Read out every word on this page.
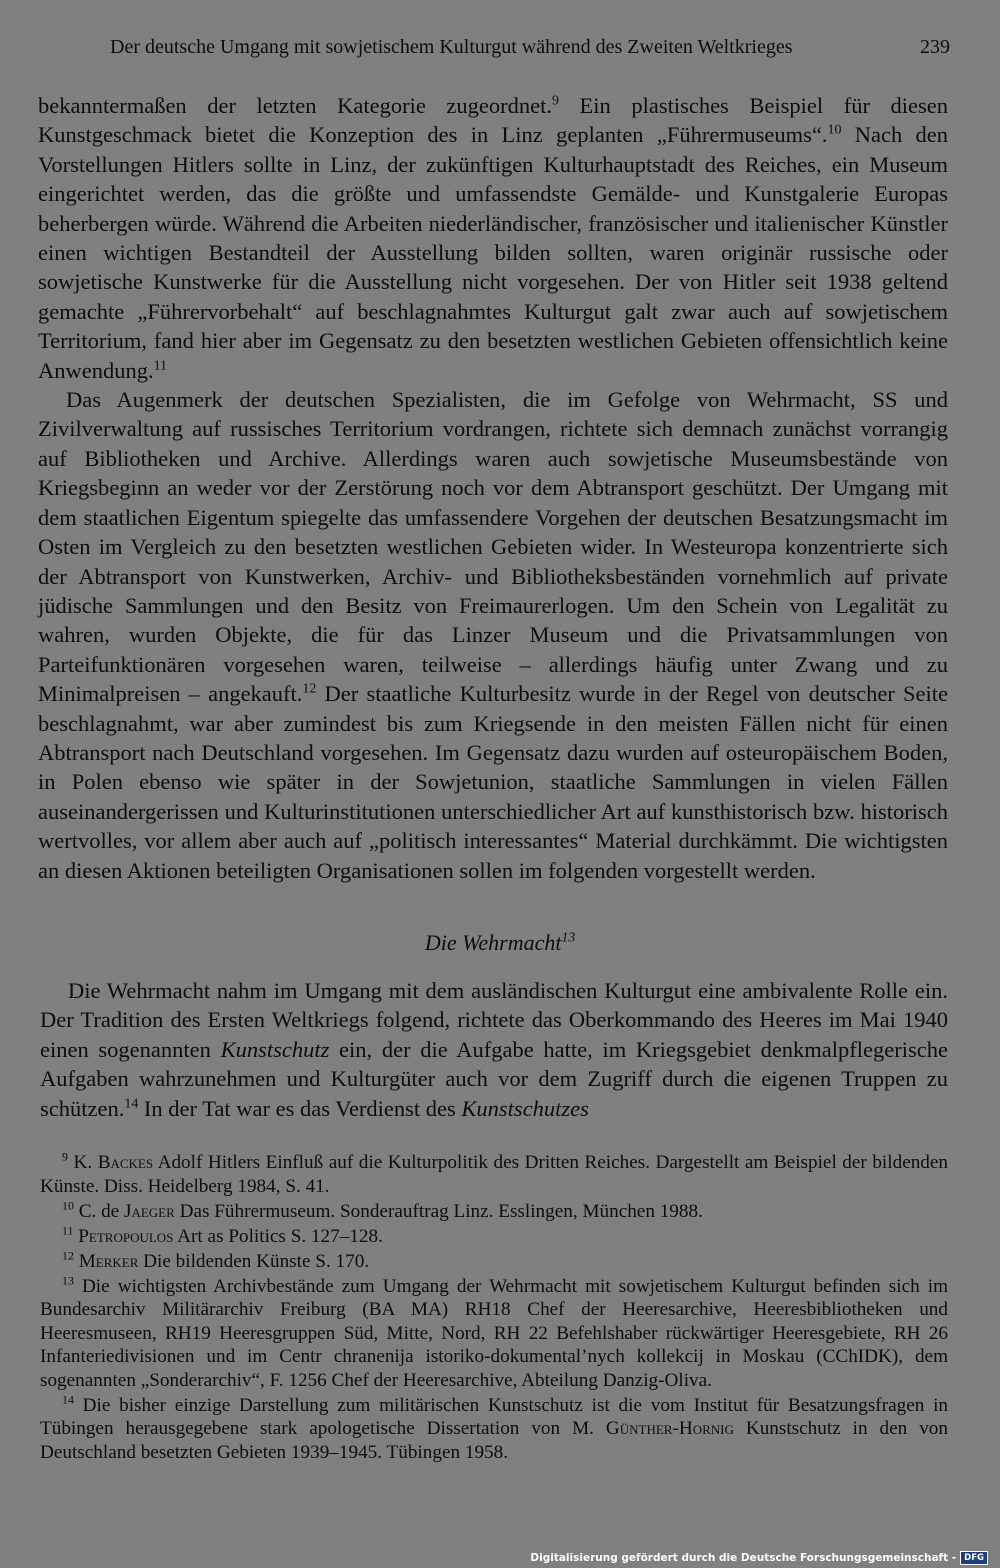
Der deutsche Umgang mit sowjetischem Kulturgut während des Zweiten Weltkrieges	239

bekanntermaßen der letzten Kategorie zugeordnet.$^9$ Ein plastisches Beispiel für diesen Kunstgeschmack bietet die Konzeption des in Linz geplanten „Führermuseums“.$^{10}$ Nach den Vorstellungen Hitlers sollte in Linz, der zukünftigen Kulturhauptstadt des Reiches, ein Museum eingerichtet werden, das die größte und umfassendste Gemälde- und Kunstgalerie Europas beherbergen würde. Während die Arbeiten niederländischer, französischer und italienischer Künstler einen wichtigen Bestandteil der Ausstellung bilden sollten, waren originär russische oder sowjetische Kunstwerke für die Ausstellung nicht vorgesehen. Der von Hitler seit 1938 geltend gemachte „Führervorbehalt“ auf beschlagnahmtes Kulturgut galt zwar auch auf sowjetischem Territorium, fand hier aber im Gegensatz zu den besetzten westlichen Gebieten offensichtlich keine Anwendung.$^{11}$

Das Augenmerk der deutschen Spezialisten, die im Gefolge von Wehrmacht, SS und Zivilverwaltung auf russisches Territorium vordrangen, richtete sich demnach zunächst vorrangig auf Bibliotheken und Archive. Allerdings waren auch sowjetische Museumsbestände von Kriegsbeginn an weder vor der Zerstörung noch vor dem Abtransport geschützt. Der Umgang mit dem staatlichen Eigentum spiegelte das umfassendere Vorgehen der deutschen Besatzungsmacht im Osten im Vergleich zu den besetzten westlichen Gebieten wider. In Westeuropa konzentrierte sich der Abtransport von Kunstwerken, Archiv- und Bibliotheksbeständen vornehmlich auf private jüdische Sammlungen und den Besitz von Freimaurerlogen. Um den Schein von Legalität zu wahren, wurden Objekte, die für das Linzer Museum und die Privatsammlungen von Parteifunktionären vorgesehen waren, teilweise – allerdings häufig unter Zwang und zu Minimalpreisen – angekauft.$^{12}$ Der staatliche Kulturbesitz wurde in der Regel von deutscher Seite beschlagnahmt, war aber zumindest bis zum Kriegsende in den meisten Fällen nicht für einen Abtransport nach Deutschland vorgesehen. Im Gegensatz dazu wurden auf osteuropäischem Boden, in Polen ebenso wie später in der Sowjetunion, staatliche Sammlungen in vielen Fällen auseinandergerissen und Kulturinstitutionen unterschiedlicher Art auf kunsthistorisch bzw. historisch wertvolles, vor allem aber auch auf „politisch interessantes“ Material durchkämmt. Die wichtigsten an diesen Aktionen beteiligten Organisationen sollen im folgenden vorgestellt werden.

Die Wehrmacht$^{13}$

Die Wehrmacht nahm im Umgang mit dem ausländischen Kulturgut eine ambivalente Rolle ein. Der Tradition des Ersten Weltkriegs folgend, richtete das Oberkommando des Heeres im Mai 1940 einen sogenannten Kunstschutz ein, der die Aufgabe hatte, im Kriegsgebiet denkmalpflegerische Aufgaben wahrzunehmen und Kulturgüter auch vor dem Zugriff durch die eigenen Truppen zu schützen.$^{14}$ In der Tat war es das Verdienst des Kunstschutzes

$^9$ K. Backes Adolf Hitlers Einfluß auf die Kulturpolitik des Dritten Reiches. Dargestellt am Beispiel der bildenden Künste. Diss. Heidelberg 1984, S. 41.

$^{10}$ C. de Jaeger Das Führermuseum. Sonderauftrag Linz. Esslingen, München 1988.

$^{11}$ Petropoulos Art as Politics S. 127–128.

$^{12}$ Merker Die bildenden Künste S. 170.

$^{13}$ Die wichtigsten Archivbestände zum Umgang der Wehrmacht mit sowjetischem Kulturgut befinden sich im Bundesarchiv Militärarchiv Freiburg (BA MA) RH18 Chef der Heeresarchive, Heeresbibliotheken und Heeresmuseen, RH19 Heeresgruppen Süd, Mitte, Nord, RH 22 Befehlshaber rückwärtiger Heeresgebiete, RH 26 Infanteriedivisionen und im Centr chranenija istoriko-dokumental’nych kollekcij in Moskau (CChIDK), dem sogenannten „Sonderarchiv“, F. 1256 Chef der Heeresarchive, Abteilung Danzig-Oliva.

$^{14}$ Die bisher einzige Darstellung zum militärischen Kunstschutz ist die vom Institut für Besatzungsfragen in Tübingen herausgegebene stark apologetische Dissertation von M. Günther-Hornig Kunstschutz in den von Deutschland besetzten Gebieten 1939–1945. Tübingen 1958.

Digitalisierung gefördert durch die Deutsche Forschungsgemeinschaft - DFG
